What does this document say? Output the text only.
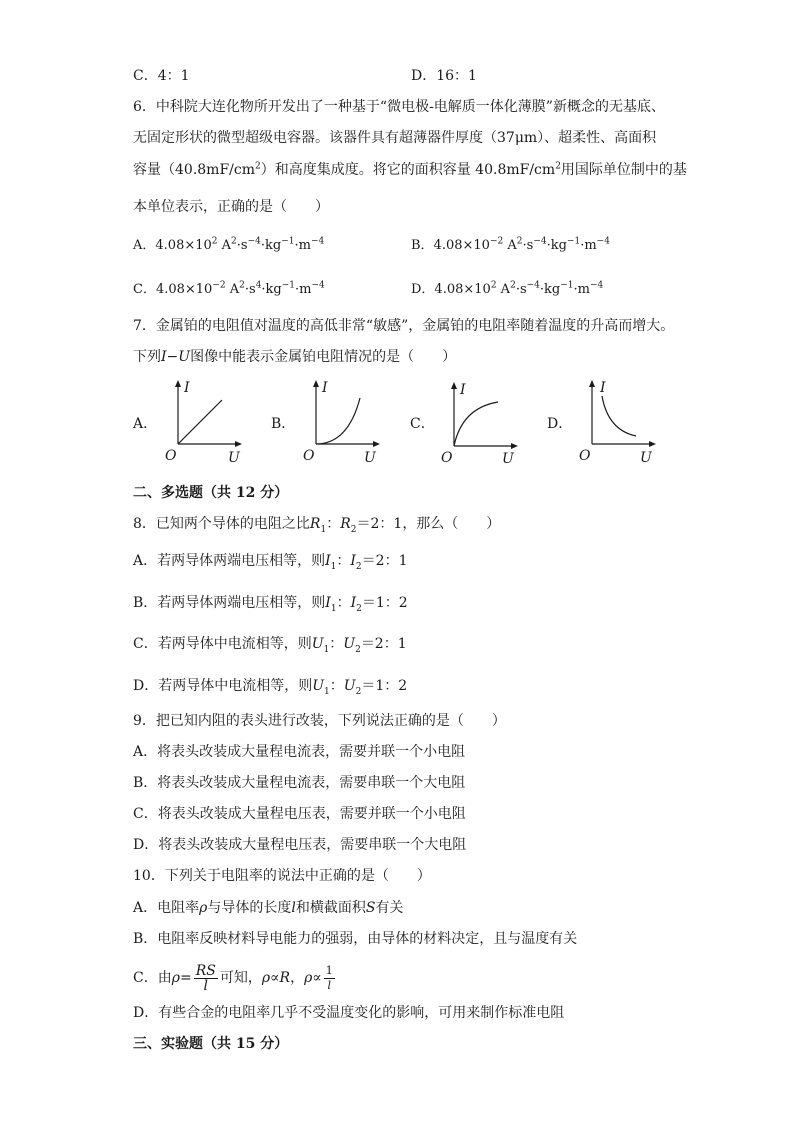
C．4：1	D．16：1
6．中科院大连化物所开发出了一种基于“微电极-电解质一体化薄膜”新概念的无基底、
无固定形状的微型超级电容器。该器件具有超薄器件厚度（37μm）、超柔性、高面积
容量$(40.8mF/cm^2)$和高度集成度。将它的面积容量 $40.8mF/cm^2$用国际单位制中的基
本单位表示，正确的是（　　）
A．$4.08\times 10^2$ $A^2\cdot s^{-4}\cdot kg^{-1}\cdot m^{-4}$	B．$4.08\times 10^{-2}$ $A^2\cdot s^{-4}\cdot kg^{-1}\cdot m^{-4}$
C．$4.08\times 10^{-2}$ $A^2\cdot s^4\cdot kg^{-1}\cdot m^{-4}$	D．$4.08\times 10^2$ $A^2\cdot s^{-4}\cdot kg^{-1}\cdot m^{-4}$
7．金属铂的电阻值对温度的高低非常“敏感”，金属铂的电阻率随着温度的升高而增大。
下列I−U图像中能表示金属铂电阻情况的是（　　）
A．	B．	C．	D．
I
O	U
I
O	U
I
O	U
I
O	U
二、多选题（共 12 分）
8．已知两个导体的电阻之比$R_1$：$R_2=2$：1，那么（　　）
A．若两导体两端电压相等，则$I_1$：$I_2=2$：1
B．若两导体两端电压相等，则$I_1$：$I_2=1$：2
C．若两导体中电流相等，则$U_1$：$U_2=2$：1
D．若两导体中电流相等，则$U_1$：$U_2=1$：2
9．把已知内阻的表头进行改装，下列说法正确的是（　　）
A．将表头改装成大量程电流表，需要并联一个小电阻
B．将表头改装成大量程电流表，需要串联一个大电阻
C．将表头改装成大量程电压表，需要并联一个小电阻
D．将表头改装成大量程电压表，需要串联一个大电阻
10．下列关于电阻率的说法中正确的是（　　）
A．电阻率ρ与导体的长度l和横截面积S有关
B．电阻率反映材料导电能力的强弱，由导体的材料决定，且与温度有关
C．由$\rho= \frac{RS}{l}$ 可知，ρ∝R，$\rho\propto \frac{1}{l}$
D．有些合金的电阻率几乎不受温度变化的影响，可用来制作标准电阻
三、实验题（共 15 分）
